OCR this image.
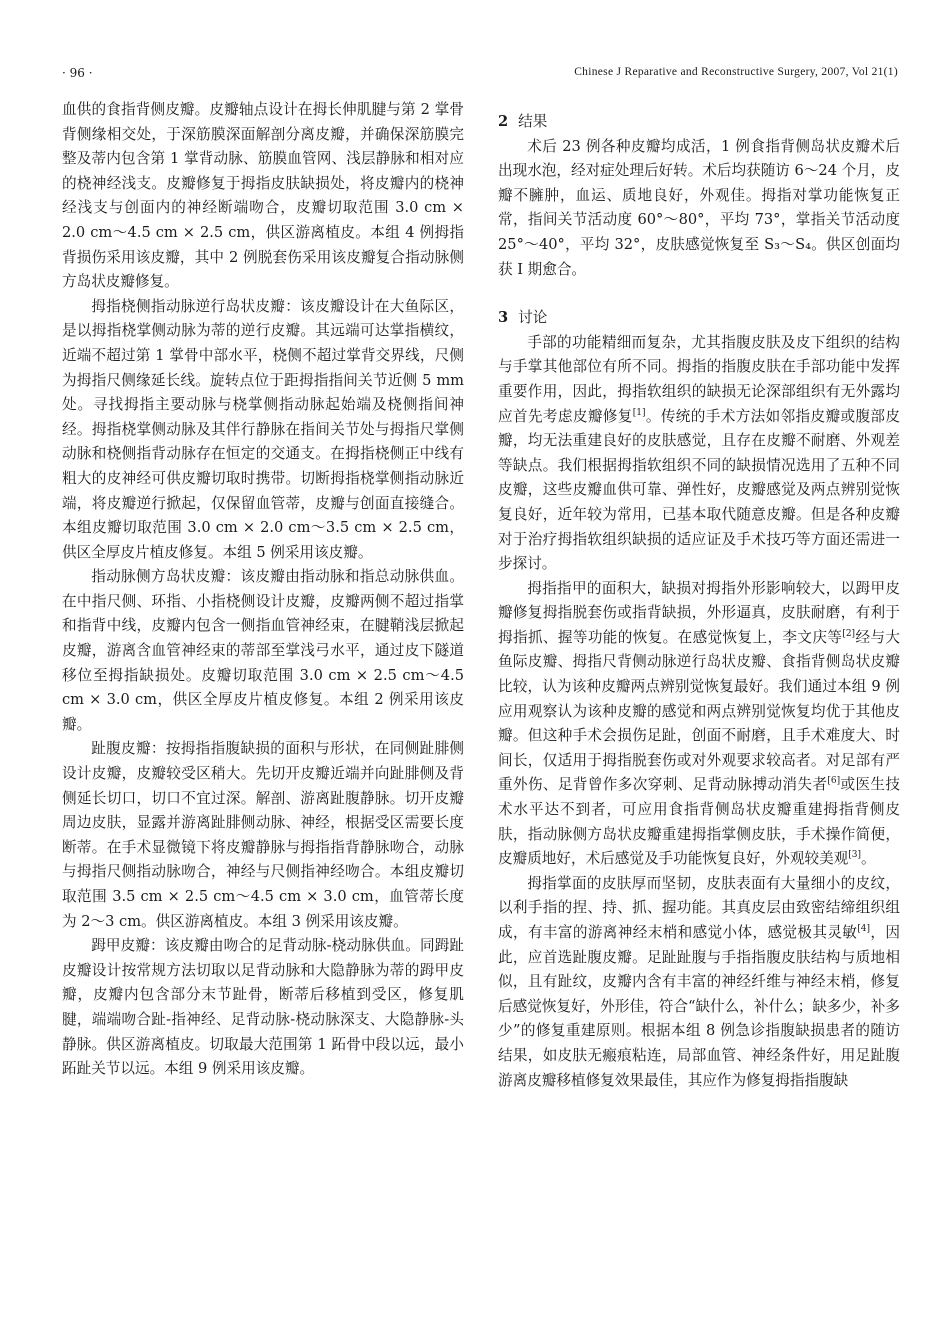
· 96 ·	Chinese J Reparative and Reconstructive Surgery, 2007, Vol 21(1)

血供的食指背侧皮瓣。皮瓣轴点设计在拇长伸肌腱与第 2 掌骨背侧缘相交处，于深筋膜深面解剖分离皮瓣，并确保深筋膜完整及蒂内包含第 1 掌背动脉、筋膜血管网、浅层静脉和相对应的桡神经浅支。皮瓣修复于拇指皮肤缺损处，将皮瓣内的桡神经浅支与创面内的神经断端吻合，皮瓣切取范围 3.0 cm × 2.0 cm～4.5 cm × 2.5 cm，供区游离植皮。本组 4 例拇指背损伤采用该皮瓣，其中 2 例脱套伤采用该皮瓣复合指动脉侧方岛状皮瓣修复。

拇指桡侧指动脉逆行岛状皮瓣：该皮瓣设计在大鱼际区，是以拇指桡掌侧动脉为蒂的逆行皮瓣。其远端可达掌指横纹，近端不超过第 1 掌骨中部水平，桡侧不超过掌背交界线，尺侧为拇指尺侧缘延长线。旋转点位于距拇指指间关节近侧 5 mm 处。寻找拇指主要动脉与桡掌侧指动脉起始端及桡侧指间神经。拇指桡掌侧动脉及其伴行静脉在指间关节处与拇指尺掌侧动脉和桡侧指背动脉存在恒定的交通支。在拇指桡侧正中线有粗大的皮神经可供皮瓣切取时携带。切断拇指桡掌侧指动脉近端，将皮瓣逆行掀起，仅保留血管蒂，皮瓣与创面直接缝合。本组皮瓣切取范围 3.0 cm × 2.0 cm～3.5 cm × 2.5 cm，供区全厚皮片植皮修复。本组 5 例采用该皮瓣。

指动脉侧方岛状皮瓣：该皮瓣由指动脉和指总动脉供血。在中指尺侧、环指、小指桡侧设计皮瓣，皮瓣两侧不超过指掌和指背中线，皮瓣内包含一侧指血管神经束，在腱鞘浅层掀起皮瓣，游离含血管神经束的蒂部至掌浅弓水平，通过皮下隧道移位至拇指缺损处。皮瓣切取范围 3.0 cm × 2.5 cm～4.5 cm × 3.0 cm，供区全厚皮片植皮修复。本组 2 例采用该皮瓣。

趾腹皮瓣：按拇指指腹缺损的面积与形状，在同侧趾腓侧设计皮瓣，皮瓣较受区稍大。先切开皮瓣近端并向趾腓侧及背侧延长切口，切口不宜过深。解剖、游离趾腹静脉。切开皮瓣周边皮肤，显露并游离趾腓侧动脉、神经，根据受区需要长度断蒂。在手术显微镜下将皮瓣静脉与拇指指背静脉吻合，动脉与拇指尺侧指动脉吻合，神经与尺侧指神经吻合。本组皮瓣切取范围 3.5 cm × 2.5 cm～4.5 cm × 3.0 cm，血管蒂长度为 2～3 cm。供区游离植皮。本组 3 例采用该皮瓣。

𧿹甲皮瓣：该皮瓣由吻合的足背动脉-桡动脉供血。同𧿹趾皮瓣设计按常规方法切取以足背动脉和大隐静脉为蒂的𧿹甲皮瓣，皮瓣内包含部分末节趾骨，断蒂后移植到受区，修复肌腱，端端吻合趾-指神经、足背动脉-桡动脉深支、大隐静脉-头静脉。供区游离植皮。切取最大范围第 1 跖骨中段以远，最小跖趾关节以远。本组 9 例采用该皮瓣。

2 结果

术后 23 例各种皮瓣均成活，1 例食指背侧岛状皮瓣术后出现水泡，经对症处理后好转。术后均获随访 6～24 个月，皮瓣不臃肿，血运、质地良好，外观佳。拇指对掌功能恢复正常，指间关节活动度 60°～80°，平均 73°，掌指关节活动度 25°～40°，平均 32°，皮肤感觉恢复至 S₃～S₄。供区创面均获 Ⅰ 期愈合。

3 讨论

手部的功能精细而复杂，尤其指腹皮肤及皮下组织的结构与手掌其他部位有所不同。拇指的指腹皮肤在手部功能中发挥重要作用，因此，拇指软组织的缺损无论深部组织有无外露均应首先考虑皮瓣修复[1]。传统的手术方法如邻指皮瓣或腹部皮瓣，均无法重建良好的皮肤感觉，且存在皮瓣不耐磨、外观差等缺点。我们根据拇指软组织不同的缺损情况选用了五种不同皮瓣，这些皮瓣血供可靠、弹性好，皮瓣感觉及两点辨别觉恢复良好，近年较为常用，已基本取代随意皮瓣。但是各种皮瓣对于治疗拇指软组织缺损的适应证及手术技巧等方面还需进一步探讨。

拇指指甲的面积大，缺损对拇指外形影响较大，以𧿹甲皮瓣修复拇指脱套伤或指背缺损，外形逼真，皮肤耐磨，有利于拇指抓、握等功能的恢复。在感觉恢复上，李文庆等[2]经与大鱼际皮瓣、拇指尺背侧动脉逆行岛状皮瓣、食指背侧岛状皮瓣比较，认为该种皮瓣两点辨别觉恢复最好。我们通过本组 9 例应用观察认为该种皮瓣的感觉和两点辨别觉恢复均优于其他皮瓣。但这种手术会损伤足趾，创面不耐磨，且手术难度大、时间长，仅适用于拇指脱套伤或对外观要求较高者。对足部有严重外伤、足背曾作多次穿刺、足背动脉搏动消失者[6]或医生技术水平达不到者，可应用食指背侧岛状皮瓣重建拇指背侧皮肤，指动脉侧方岛状皮瓣重建拇指掌侧皮肤，手术操作简便，皮瓣质地好，术后感觉及手功能恢复良好，外观较美观[3]。

拇指掌面的皮肤厚而坚韧，皮肤表面有大量细小的皮纹，以利手指的捏、持、抓、握功能。其真皮层由致密结缔组织组成，有丰富的游离神经末梢和感觉小体，感觉极其灵敏[4]，因此，应首选趾腹皮瓣。足趾趾腹与手指指腹皮肤结构与质地相似，且有趾纹，皮瓣内含有丰富的神经纤维与神经末梢，修复后感觉恢复好，外形佳，符合“缺什么，补什么；缺多少，补多少”的修复重建原则。根据本组 8 例急诊指腹缺损患者的随访结果，如皮肤无瘢痕粘连，局部血管、神经条件好，用足趾腹游离皮瓣移植修复效果最佳，其应作为修复拇指指腹缺
